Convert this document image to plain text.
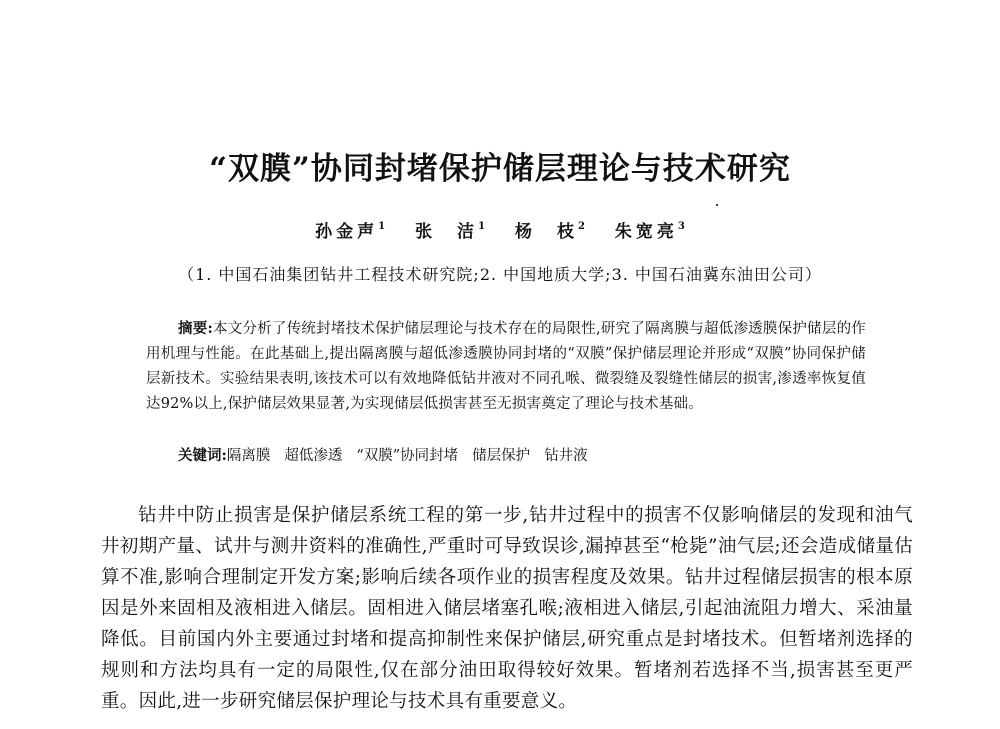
“双膜”协同封堵保护储层理论与技术研究
孙金声$^1$ 张　洁$^1$ 杨　枝$^2$ 朱宽亮$^3$
（1. 中国石油集团钻井工程技术研究院;2. 中国地质大学;3. 中国石油冀东油田公司）
摘要:本文分析了传统封堵技术保护储层理论与技术存在的局限性,研究了隔离膜与超低渗透膜保护储层的作用机理与性能。在此基础上,提出隔离膜与超低渗透膜协同封堵的“双膜”保护储层理论并形成“双膜”协同保护储层新技术。实验结果表明,该技术可以有效地降低钻井液对不同孔喉、微裂缝及裂缝性储层的损害,渗透率恢复值达92%以上,保护储层效果显著,为实现储层低损害甚至无损害奠定了理论与技术基础。
关键词:隔离膜 超低渗透 “双膜”协同封堵 储层保护 钻井液
钻井中防止损害是保护储层系统工程的第一步,钻井过程中的损害不仅影响储层的发现和油气井初期产量、试井与测井资料的准确性,严重时可导致误诊,漏掉甚至“枪毙”油气层;还会造成储量估算不准,影响合理制定开发方案;影响后续各项作业的损害程度及效果。钻井过程储层损害的根本原因是外来固相及液相进入储层。固相进入储层堵塞孔喉;液相进入储层,引起油流阻力增大、采油量降低。目前国内外主要通过封堵和提高抑制性来保护储层,研究重点是封堵技术。但暂堵剂选择的规则和方法均具有一定的局限性,仅在部分油田取得较好效果。暂堵剂若选择不当,损害甚至更严重。因此,进一步研究储层保护理论与技术具有重要意义。
